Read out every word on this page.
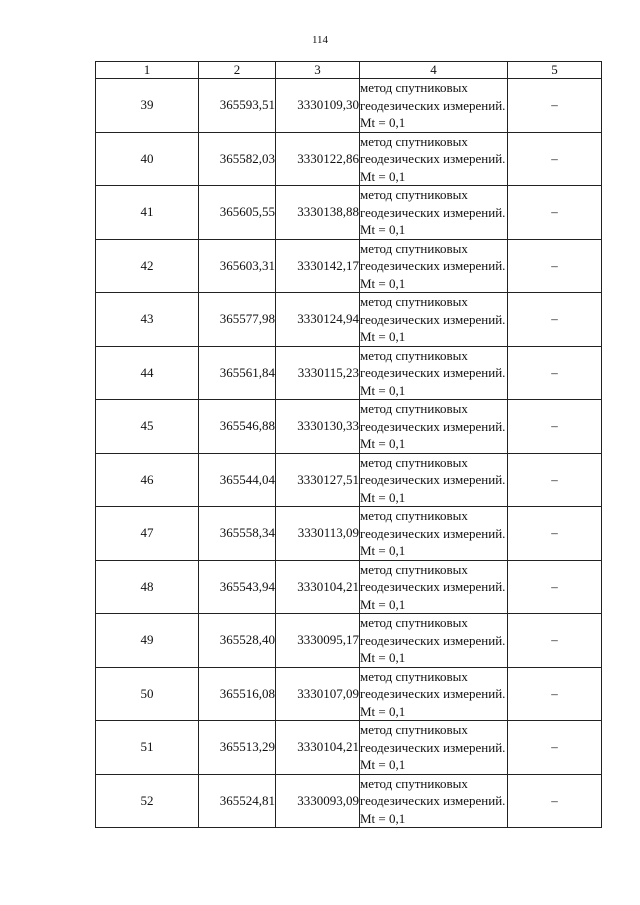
114
1	2	3	4	5
39	365593,51	3330109,30	метод спутниковых геодезических измерений. Mt = 0,1	–
40	365582,03	3330122,86	метод спутниковых геодезических измерений. Mt = 0,1	–
41	365605,55	3330138,88	метод спутниковых геодезических измерений. Mt = 0,1	–
42	365603,31	3330142,17	метод спутниковых геодезических измерений. Mt = 0,1	–
43	365577,98	3330124,94	метод спутниковых геодезических измерений. Mt = 0,1	–
44	365561,84	3330115,23	метод спутниковых геодезических измерений. Mt = 0,1	–
45	365546,88	3330130,33	метод спутниковых геодезических измерений. Mt = 0,1	–
46	365544,04	3330127,51	метод спутниковых геодезических измерений. Mt = 0,1	–
47	365558,34	3330113,09	метод спутниковых геодезических измерений. Mt = 0,1	–
48	365543,94	3330104,21	метод спутниковых геодезических измерений. Mt = 0,1	–
49	365528,40	3330095,17	метод спутниковых геодезических измерений. Mt = 0,1	–
50	365516,08	3330107,09	метод спутниковых геодезических измерений. Mt = 0,1	–
51	365513,29	3330104,21	метод спутниковых геодезических измерений. Mt = 0,1	–
52	365524,81	3330093,09	метод спутниковых геодезических измерений. Mt = 0,1	–
